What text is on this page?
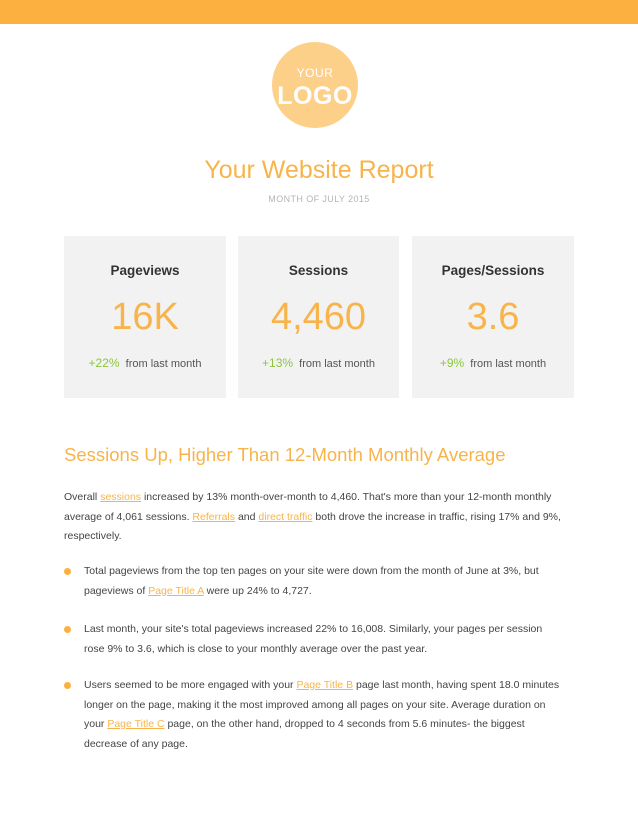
YOUR
LOGO
Your Website Report
MONTH OF JULY 2015
Pageviews
16K
+22% from last month
Sessions
4,460
+13% from last month
Pages/Sessions
3.6
+9% from last month
Sessions Up, Higher Than 12-Month Monthly Average
Overall sessions increased by 13% month-over-month to 4,460. That's more than your 12-month monthly average of 4,061 sessions. Referrals and direct traffic both drove the increase in traffic, rising 17% and 9%, respectively.
Total pageviews from the top ten pages on your site were down from the month of June at 3%, but pageviews of Page Title A were up 24% to 4,727.
Last month, your site's total pageviews increased 22% to 16,008. Similarly, your pages per session rose 9% to 3.6, which is close to your monthly average over the past year.
Users seemed to be more engaged with your Page Title B page last month, having spent 18.0 minutes longer on the page, making it the most improved among all pages on your site. Average duration on your Page Title C page, on the other hand, dropped to 4 seconds from 5.6 minutes- the biggest decrease of any page.
